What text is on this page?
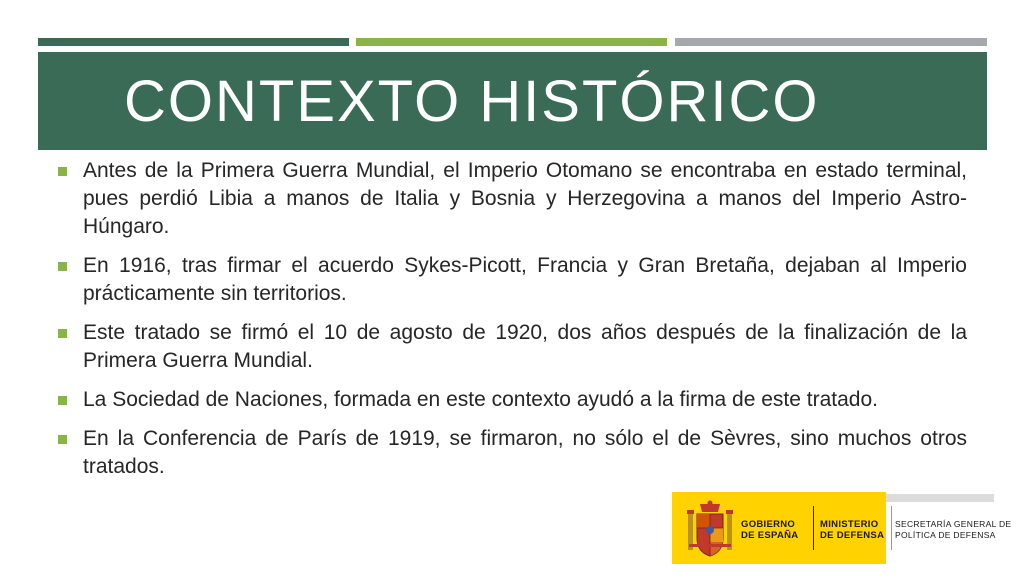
CONTEXTO HISTÓRICO
Antes de la Primera Guerra Mundial, el Imperio Otomano se encontraba en estado terminal, pues perdió Libia a manos de Italia y Bosnia y Herzegovina a manos del Imperio Astro-Húngaro.
En 1916, tras firmar el acuerdo Sykes-Picott, Francia y Gran Bretaña, dejaban al Imperio prácticamente sin territorios.
Este tratado se firmó el 10 de agosto de 1920, dos años después de la finalización de la Primera Guerra Mundial.
La Sociedad de Naciones, formada en este contexto ayudó a la firma de este tratado.
En la Conferencia de París de 1919, se firmaron, no sólo el de Sèvres, sino muchos otros tratados.
GOBIERNO
DE ESPAÑA
MINISTERIO
DE DEFENSA
SECRETARÍA GENERAL DE
POLÍTICA DE DEFENSA
